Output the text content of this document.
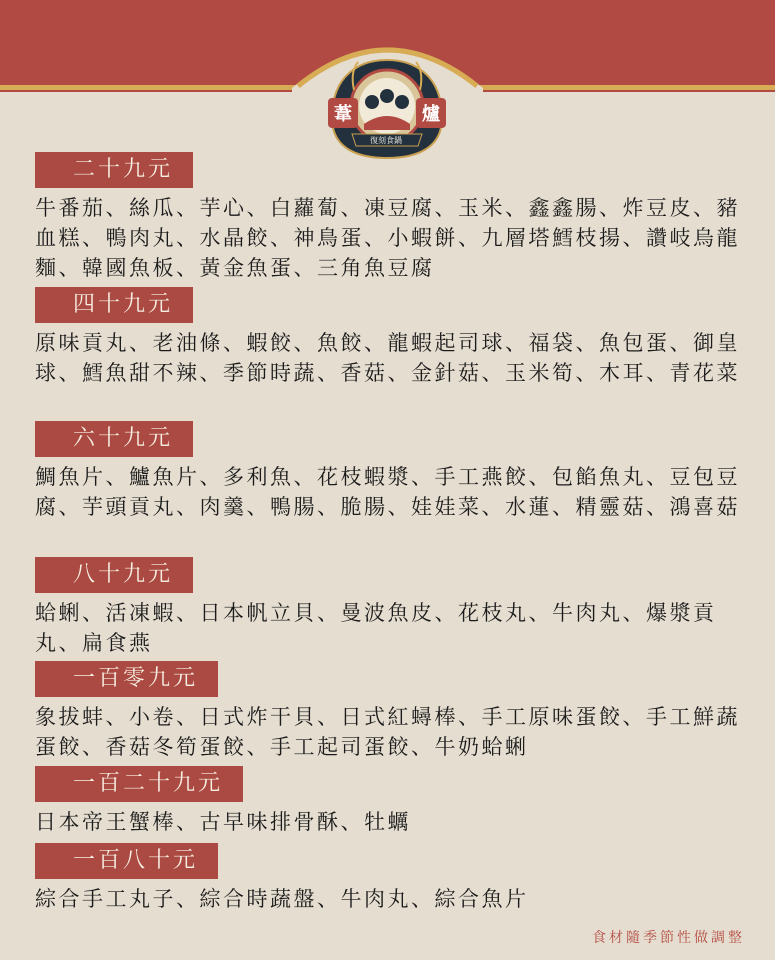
葦	爐
復刻食鍋
二十九元
牛番茄、絲瓜、芋心、白蘿蔔、凍豆腐、玉米、鑫鑫腸、炸豆皮、豬血糕、鴨肉丸、水晶餃、神鳥蛋、小蝦餅、九層塔鱈枝揚、讚岐烏龍麵、韓國魚板、黃金魚蛋、三角魚豆腐
四十九元
原味貢丸、老油條、蝦餃、魚餃、龍蝦起司球、福袋、魚包蛋、御皇球、鱈魚甜不辣、季節時蔬、香菇、金針菇、玉米筍、木耳、青花菜
六十九元
鯛魚片、鱸魚片、多利魚、花枝蝦漿、手工燕餃、包餡魚丸、豆包豆腐、芋頭貢丸、肉羹、鴨腸、脆腸、娃娃菜、水蓮、精靈菇、鴻喜菇
八十九元
蛤蜊、活凍蝦、日本帆立貝、曼波魚皮、花枝丸、牛肉丸、爆漿貢丸、扁食燕
一百零九元
象拔蚌、小卷、日式炸干貝、日式紅蟳棒、手工原味蛋餃、手工鮮蔬蛋餃、香菇冬筍蛋餃、手工起司蛋餃、牛奶蛤蜊
一百二十九元
日本帝王蟹棒、古早味排骨酥、牡蠣
一百八十元
綜合手工丸子、綜合時蔬盤、牛肉丸、綜合魚片
食材隨季節性做調整
